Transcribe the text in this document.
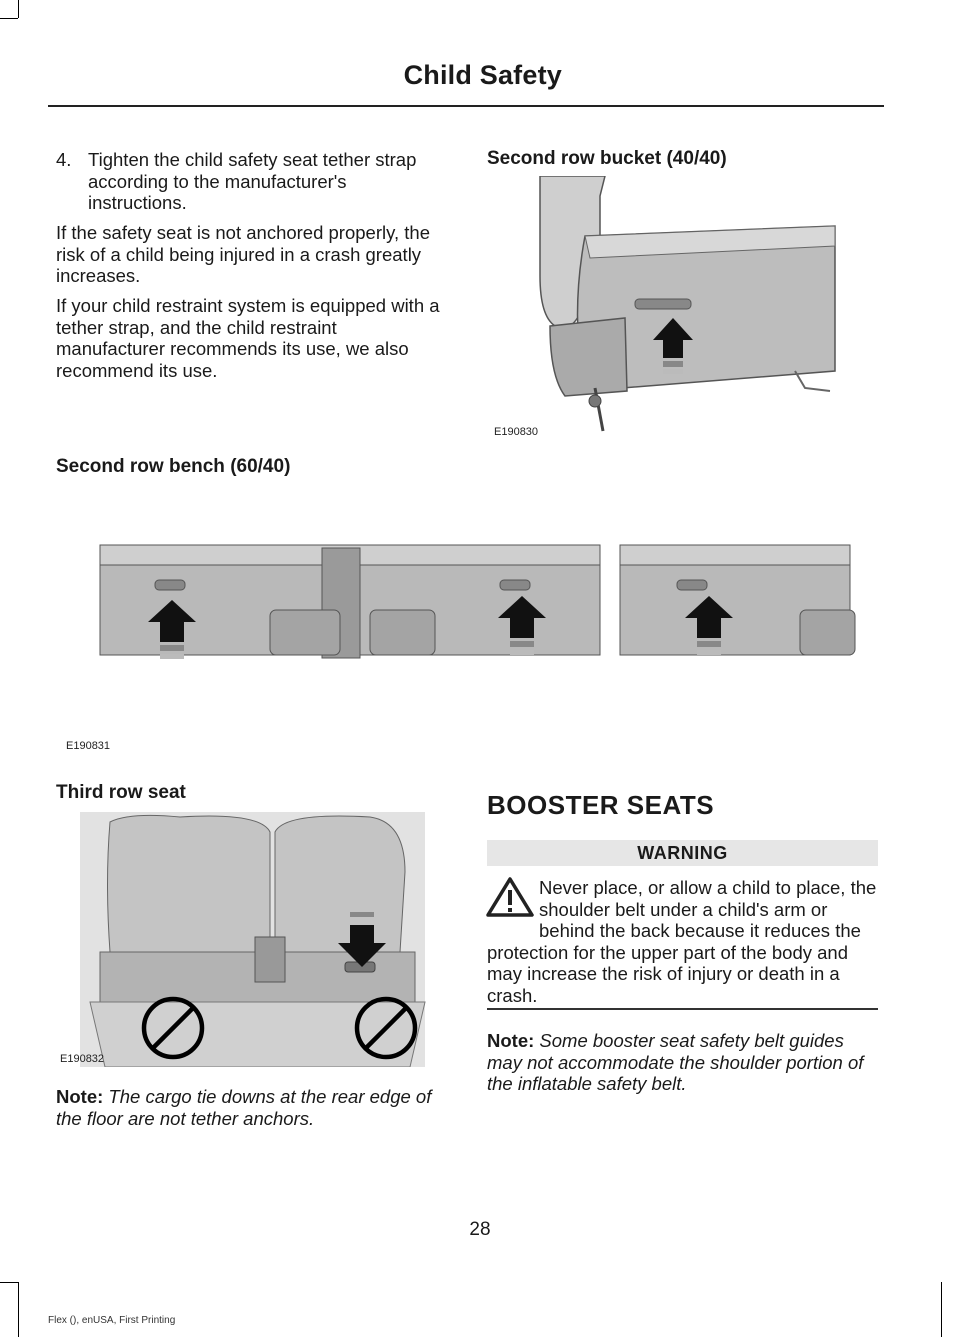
Child Safety
4. Tighten the child safety seat tether strap according to the manufacturer's instructions.
If the safety seat is not anchored properly, the risk of a child being injured in a crash greatly increases.
If your child restraint system is equipped with a tether strap, and the child restraint manufacturer recommends its use, we also recommend its use.
Second row bucket (40/40)
E190830
Second row bench (60/40)
E190831
Third row seat
E190832
Note: The cargo tie downs at the rear edge of the floor are not tether anchors.
BOOSTER SEATS
WARNING
Never place, or allow a child to place, the shoulder belt under a child's arm or behind the back because it reduces the protection for the upper part of the body and may increase the risk of injury or death in a crash.
Note: Some booster seat safety belt guides may not accommodate the shoulder portion of the inflatable safety belt.
28
Flex (), enUSA, First Printing
